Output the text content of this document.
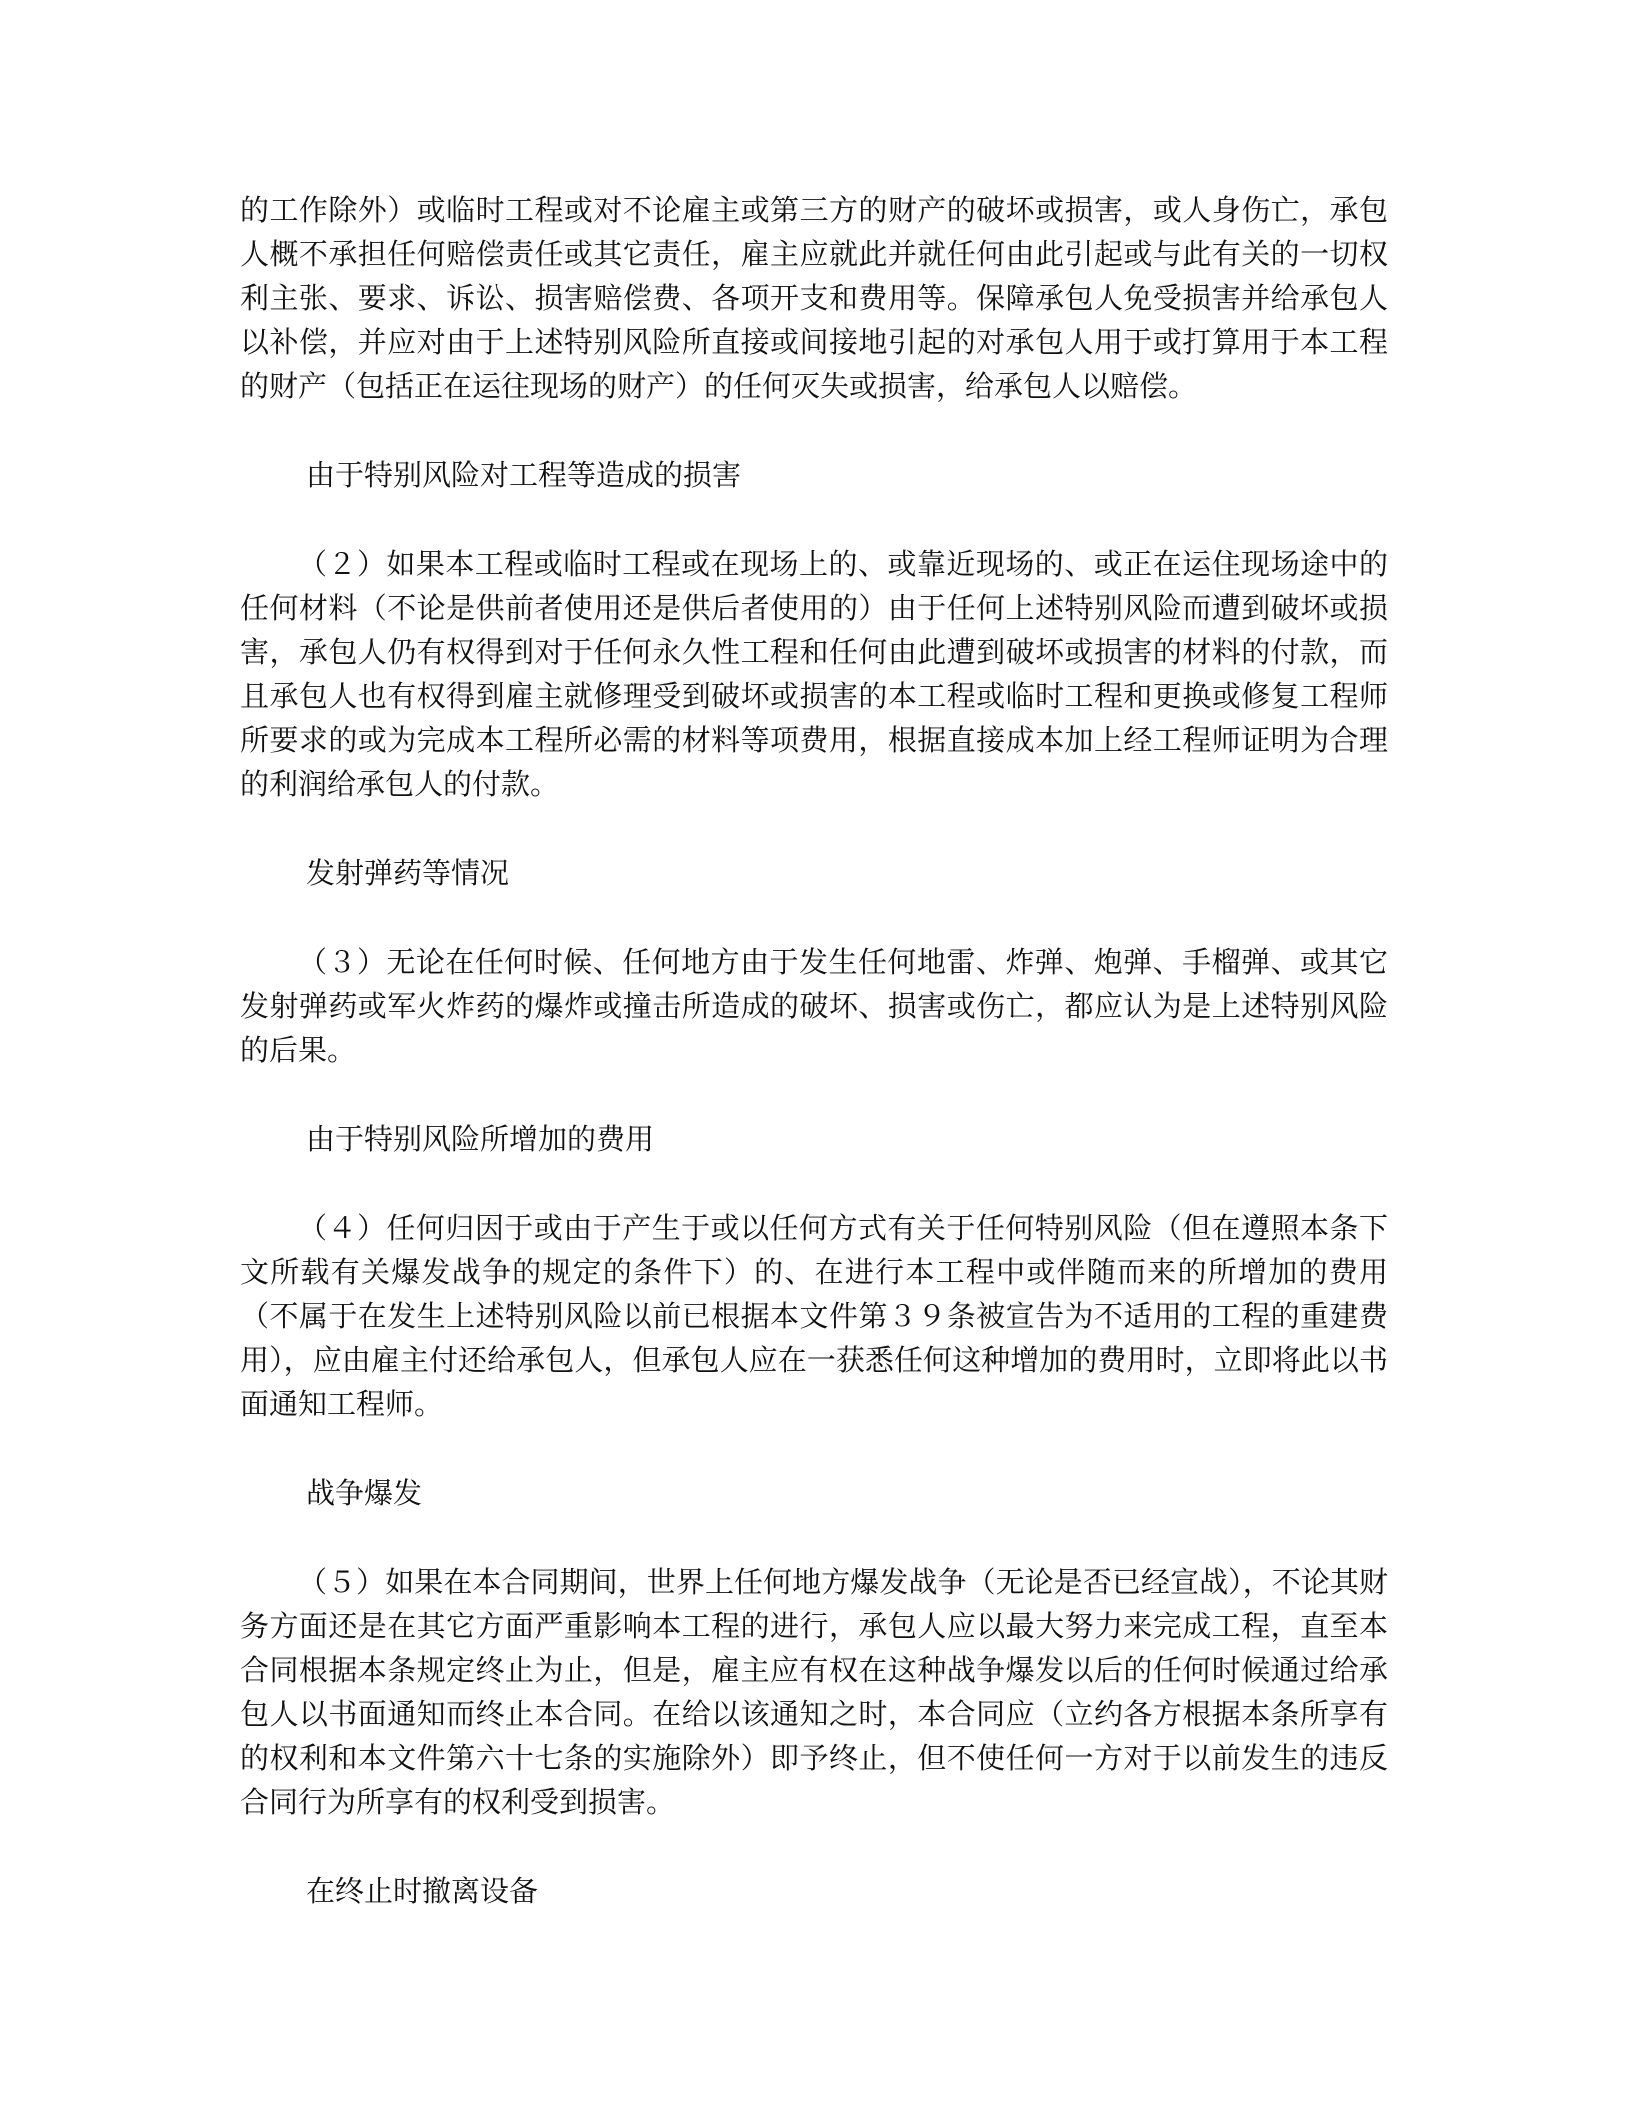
的工作除外）或临时工程或对不论雇主或第三方的财产的破坏或损害，或人身伤亡，承包人概不承担任何赔偿责任或其它责任，雇主应就此并就任何由此引起或与此有关的一切权利主张、要求、诉讼、损害赔偿费、各项开支和费用等。保障承包人免受损害并给承包人以补偿，并应对由于上述特别风险所直接或间接地引起的对承包人用于或打算用于本工程的财产（包括正在运往现场的财产）的任何灭失或损害，给承包人以赔偿。

由于特别风险对工程等造成的损害

（２）如果本工程或临时工程或在现场上的、或靠近现场的、或正在运住现场途中的任何材料（不论是供前者使用还是供后者使用的）由于任何上述特别风险而遭到破坏或损害，承包人仍有权得到对于任何永久性工程和任何由此遭到破坏或损害的材料的付款，而且承包人也有权得到雇主就修理受到破坏或损害的本工程或临时工程和更换或修复工程师所要求的或为完成本工程所必需的材料等项费用，根据直接成本加上经工程师证明为合理的利润给承包人的付款。

发射弹药等情况

（３）无论在任何时候、任何地方由于发生任何地雷、炸弹、炮弹、手榴弹、或其它发射弹药或军火炸药的爆炸或撞击所造成的破坏、损害或伤亡，都应认为是上述特别风险的后果。

由于特别风险所增加的费用

（４）任何归因于或由于产生于或以任何方式有关于任何特别风险（但在遵照本条下文所载有关爆发战争的规定的条件下）的、在进行本工程中或伴随而来的所增加的费用（不属于在发生上述特别风险以前已根据本文件第３９条被宣告为不适用的工程的重建费用），应由雇主付还给承包人，但承包人应在一获悉任何这种增加的费用时，立即将此以书面通知工程师。

战争爆发

（５）如果在本合同期间，世界上任何地方爆发战争（无论是否已经宣战），不论其财务方面还是在其它方面严重影响本工程的进行，承包人应以最大努力来完成工程，直至本合同根据本条规定终止为止，但是，雇主应有权在这种战争爆发以后的任何时候通过给承包人以书面通知而终止本合同。在给以该通知之时，本合同应（立约各方根据本条所享有的权利和本文件第六十七条的实施除外）即予终止，但不使任何一方对于以前发生的违反合同行为所享有的权利受到损害。

在终止时撤离设备
